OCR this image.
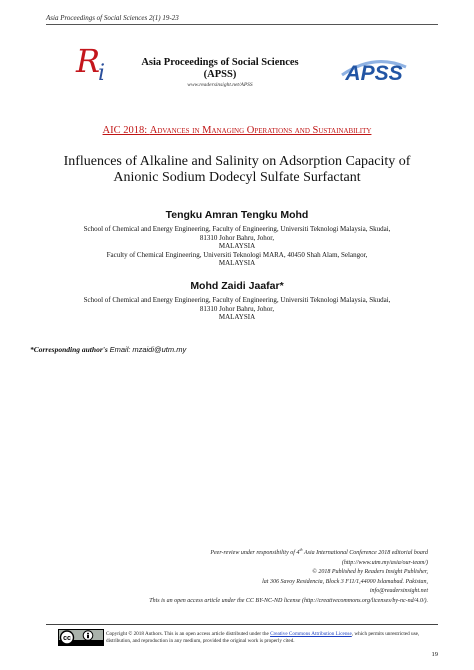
Asia Proceedings of Social Sciences 2(1) 19-23
R
i	Asia Proceedings of Social Sciences
(APSS)
www.readersinsight.net/APSS	APSS
AIC 2018: Advances in Managing Operations and Sustainability
Influences of Alkaline and Salinity on Adsorption Capacity of
Anionic Sodium Dodecyl Sulfate Surfactant
Tengku Amran Tengku Mohd
School of Chemical and Energy Engineering, Faculty of Engineering, Universiti Teknologi Malaysia, Skudai,
81310 Johor Bahru, Johor,
MALAYSIA
Faculty of Chemical Engineering, Universiti Teknologi MARA, 40450 Shah Alam, Selangor,
MALAYSIA
Mohd Zaidi Jaafar*
School of Chemical and Energy Engineering, Faculty of Engineering, Universiti Teknologi Malaysia, Skudai,
81310 Johor Bahru, Johor,
MALAYSIA
*Corresponding author's Email: mzaidi@utm.my
Peer-review under responsibility of 4th Asia International Conference 2018 editorial board
(http://www.utm.my/asia/our-team/)
© 2018 Published by Readers Insight Publisher,
lat 306 Savoy Residencia, Block 3 F11/1,44000 Islamabad. Pakistan,
info@readersinsight.net
This is an open access article under the CC BY-NC-ND license (http://creativecommons.org/licenses/by-nc-nd/4.0/).
cc
Copyright © 2018 Authors. This is an open access article distributed under the Creative Commons Attribution License, which permits unrestricted use, distribution, and reproduction in any medium, provided the original work is properly cited.
19
